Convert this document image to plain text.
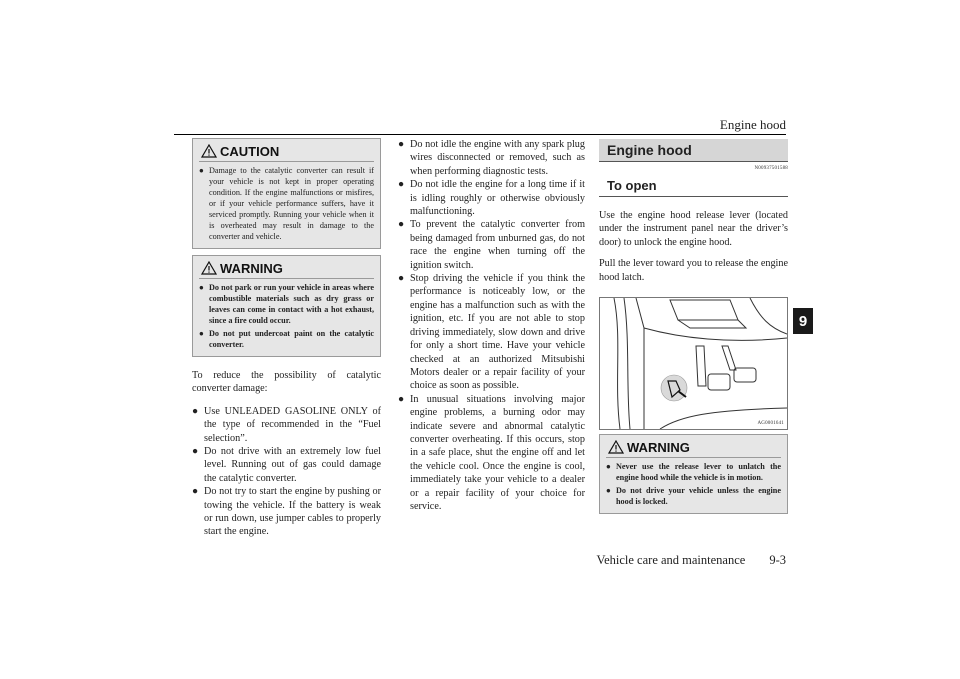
Engine hood
Vehicle care and maintenance 9-3
9
CAUTION
● Damage to the catalytic converter can result if your vehicle is not kept in proper operating condition. If the engine malfunctions or misfires, or if your vehicle performance suffers, have it serviced promptly. Running your vehicle when it is overheated may result in damage to the converter and vehicle.
WARNING
● Do not park or run your vehicle in areas where combustible materials such as dry grass or leaves can come in contact with a hot exhaust, since a fire could occur.
● Do not put undercoat paint on the catalytic converter.
To reduce the possibility of catalytic converter damage:
● Use UNLEADED GASOLINE ONLY of the type of recommended in the “Fuel selection”.
● Do not drive with an extremely low fuel level. Running out of gas could damage the catalytic converter.
● Do not try to start the engine by pushing or towing the vehicle. If the battery is weak or run down, use jumper cables to properly start the engine.
● Do not idle the engine with any spark plug wires disconnected or removed, such as when performing diagnostic tests.
● Do not idle the engine for a long time if it is idling roughly or otherwise obviously malfunctioning.
● To prevent the catalytic converter from being damaged from unburned gas, do not race the engine when turning off the ignition switch.
● Stop driving the vehicle if you think the performance is noticeably low, or the engine has a malfunction such as with the ignition, etc. If you are not able to stop driving immediately, slow down and drive for only a short time. Have your vehicle checked at an authorized Mitsubishi Motors dealer or a repair facility of your choice as soon as possible.
● In unusual situations involving major engine problems, a burning odor may indicate severe and abnormal catalytic converter overheating. If this occurs, stop in a safe place, shut the engine off and let the vehicle cool. Once the engine is cool, immediately take your vehicle to a dealer or a repair facility of your choice for service.
Engine hood
N00937501588
To open
Use the engine hood release lever (located under the instrument panel near the driver’s door) to unlock the engine hood.
Pull the lever toward you to release the engine hood latch.
AG0001641
WARNING
● Never use the release lever to unlatch the engine hood while the vehicle is in motion.
● Do not drive your vehicle unless the engine hood is locked.
